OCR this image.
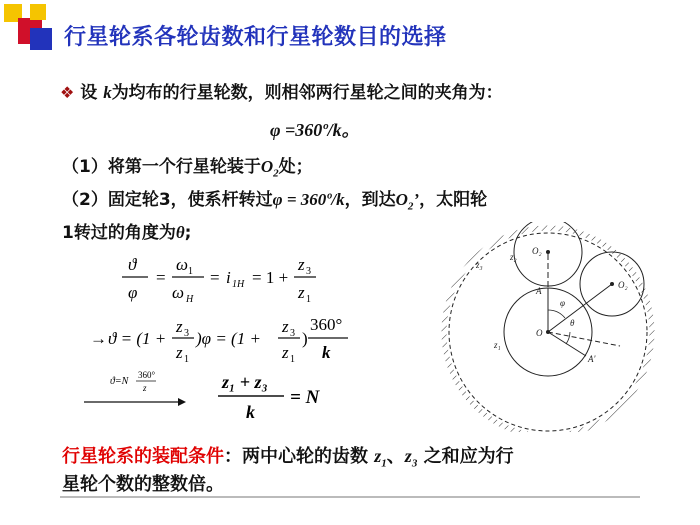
行星轮系各轮齿数和行星轮数目的选择
❖ 设 k为均布的行星轮数，则相邻两行星轮之间的夹角为：
φ =360º/k。
（1）将第一个行星轮装于$O_2$处；
（2）固定轮3，使系杆转过φ = 360º/k，到达$O_2$’，太阳轮
1转过的角度为θ;
ϑ
φ
=
ω 1
ω H
= i 1H = 1 +
z 3
z 1
→ ϑ = (1 +
z 3
z 1
)φ = (1 +
z 3
z 1
)
360°
k
ϑ=N
360°
z	z₁ + z₃
k
= N
z₃
z₂
O₂
O₂
A
φ
θ
O
A'
z₁
行星轮系的装配条件：两中心轮的齿数 $z_1$、$z_3$ 之和应为行
星轮个数的整数倍。
